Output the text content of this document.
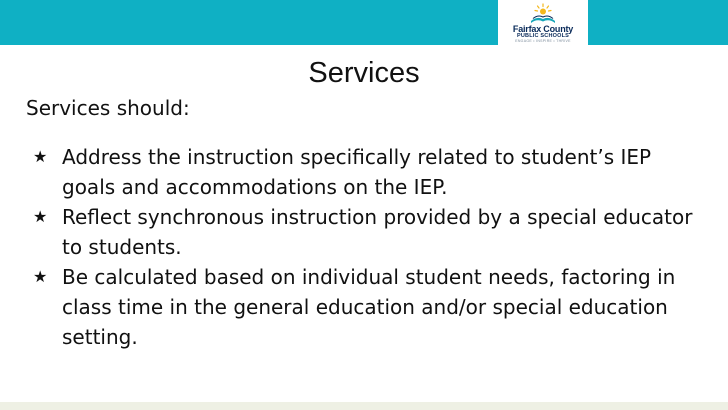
Fairfax County
PUBLIC SCHOOLS
ENGAGE • INSPIRE • THRIVE
Services
Services should:
★ Address the instruction specifically related to student’s IEP goals and accommodations on the IEP.
★ Reflect synchronous instruction provided by a special educator to students.
★ Be calculated based on individual student needs, factoring in class time in the general education and/or special education setting.
